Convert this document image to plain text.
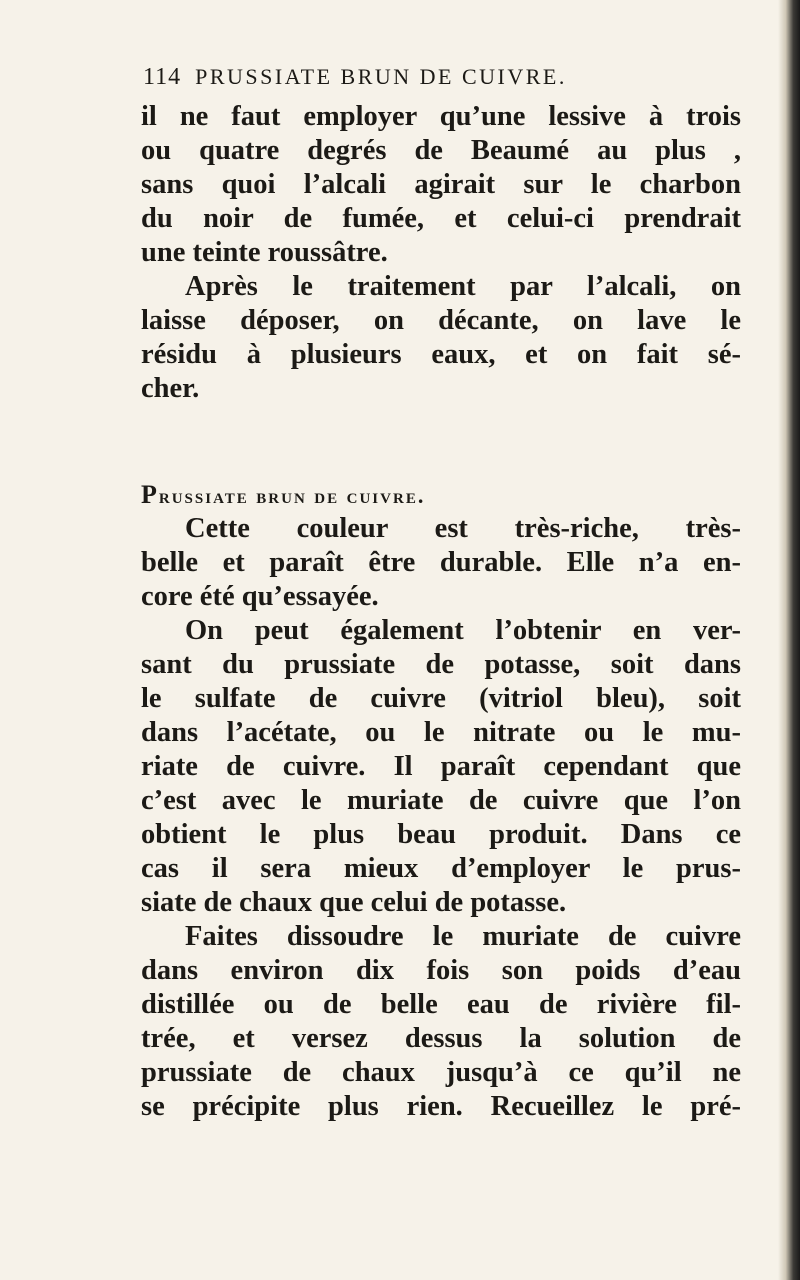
114 PRUSSIATE BRUN DE CUIVRE.
il ne faut employer qu’une lessive à trois
ou quatre degrés de Beaumé au plus ,
sans quoi l’alcali agirait sur le charbon
du noir de fumée, et celui-ci prendrait
une teinte roussâtre.
Après le traitement par l’alcali, on
laisse déposer, on décante, on lave le
résidu à plusieurs eaux, et on fait sé-
cher.
Prussiate brun de cuivre.
Cette couleur est très-riche, très-
belle et paraît être durable. Elle n’a en-
core été qu’essayée.
On peut également l’obtenir en ver-
sant du prussiate de potasse, soit dans
le sulfate de cuivre (vitriol bleu), soit
dans l’acétate, ou le nitrate ou le mu-
riate de cuivre. Il paraît cependant que
c’est avec le muriate de cuivre que l’on
obtient le plus beau produit. Dans ce
cas il sera mieux d’employer le prus-
siate de chaux que celui de potasse.
Faites dissoudre le muriate de cuivre
dans environ dix fois son poids d’eau
distillée ou de belle eau de rivière fil-
trée, et versez dessus la solution de
prussiate de chaux jusqu’à ce qu’il ne
se précipite plus rien. Recueillez le pré-
